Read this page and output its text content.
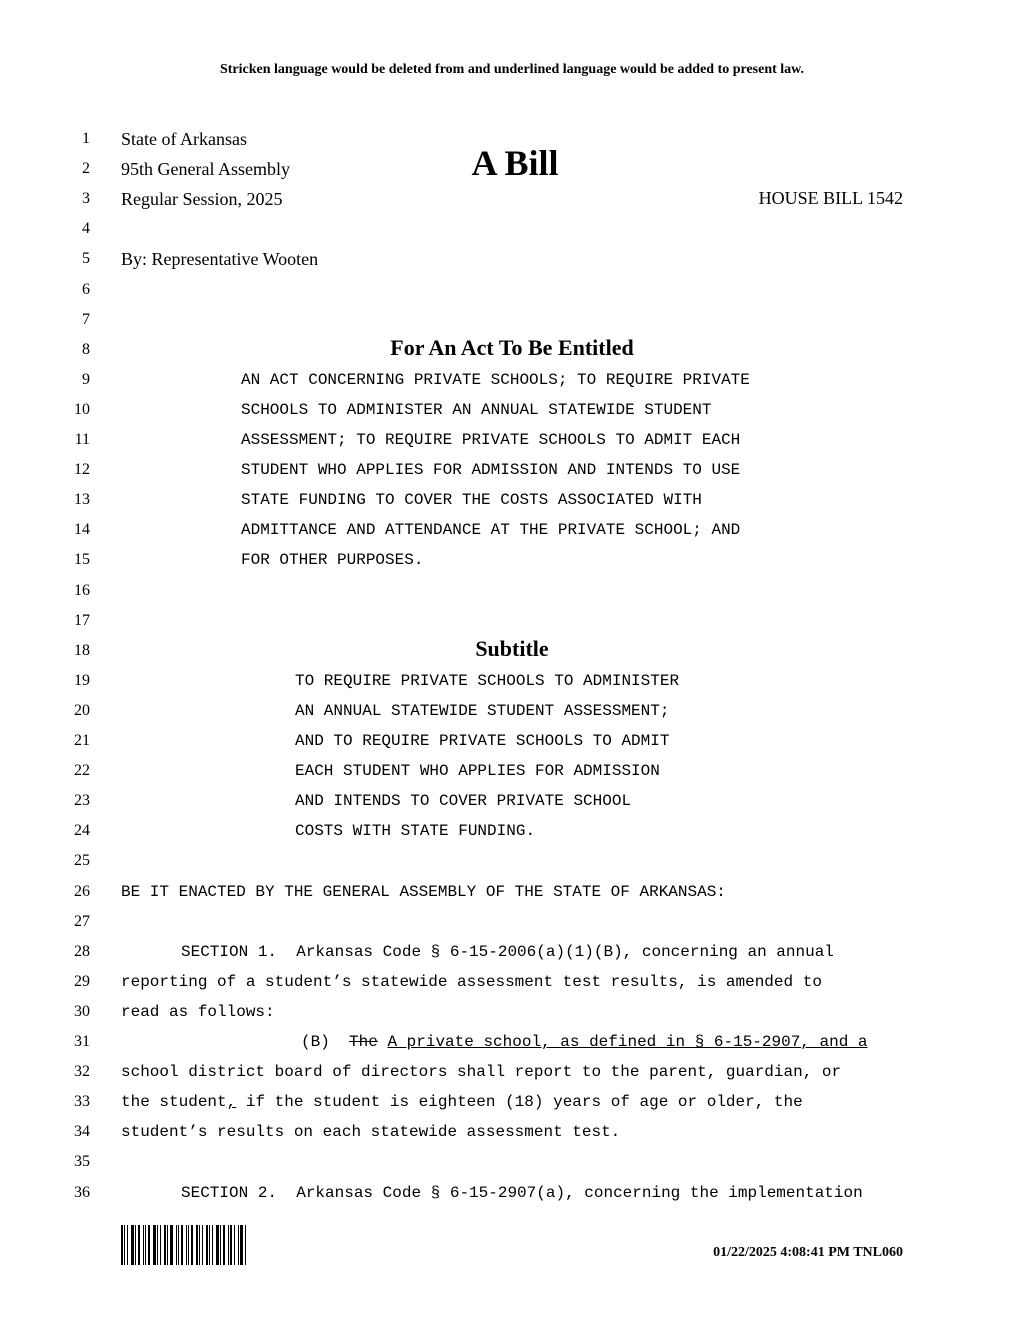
Stricken language would be deleted from and underlined language would be added to present law.
1
2
3
4
5
6
7
8
9
10
11
12
13
14
15
16
17
18
19
20
21
22
23
24
25
26
27
28
29
30
31
32
33
34
35
36
State of Arkansas
95th General Assembly	A Bill
Regular Session, 2025	HOUSE BILL 1542
By: Representative Wooten
For An Act To Be Entitled
AN ACT CONCERNING PRIVATE SCHOOLS; TO REQUIRE PRIVATE
SCHOOLS TO ADMINISTER AN ANNUAL STATEWIDE STUDENT
ASSESSMENT; TO REQUIRE PRIVATE SCHOOLS TO ADMIT EACH
STUDENT WHO APPLIES FOR ADMISSION AND INTENDS TO USE
STATE FUNDING TO COVER THE COSTS ASSOCIATED WITH
ADMITTANCE AND ATTENDANCE AT THE PRIVATE SCHOOL; AND
FOR OTHER PURPOSES.
Subtitle
TO REQUIRE PRIVATE SCHOOLS TO ADMINISTER
AN ANNUAL STATEWIDE STUDENT ASSESSMENT;
AND TO REQUIRE PRIVATE SCHOOLS TO ADMIT
EACH STUDENT WHO APPLIES FOR ADMISSION
AND INTENDS TO COVER PRIVATE SCHOOL
COSTS WITH STATE FUNDING.
BE IT ENACTED BY THE GENERAL ASSEMBLY OF THE STATE OF ARKANSAS:
SECTION 1.  Arkansas Code § 6-15-2006(a)(1)(B), concerning an annual
reporting of a student’s statewide assessment test results, is amended to
read as follows:
(B)  The A private school, as defined in § 6-15-2907, and a
school district board of directors shall report to the parent, guardian, or
the student, if the student is eighteen (18) years of age or older, the
student’s results on each statewide assessment test.
SECTION 2.  Arkansas Code § 6-15-2907(a), concerning the implementation
01/22/2025 4:08:41 PM TNL060
